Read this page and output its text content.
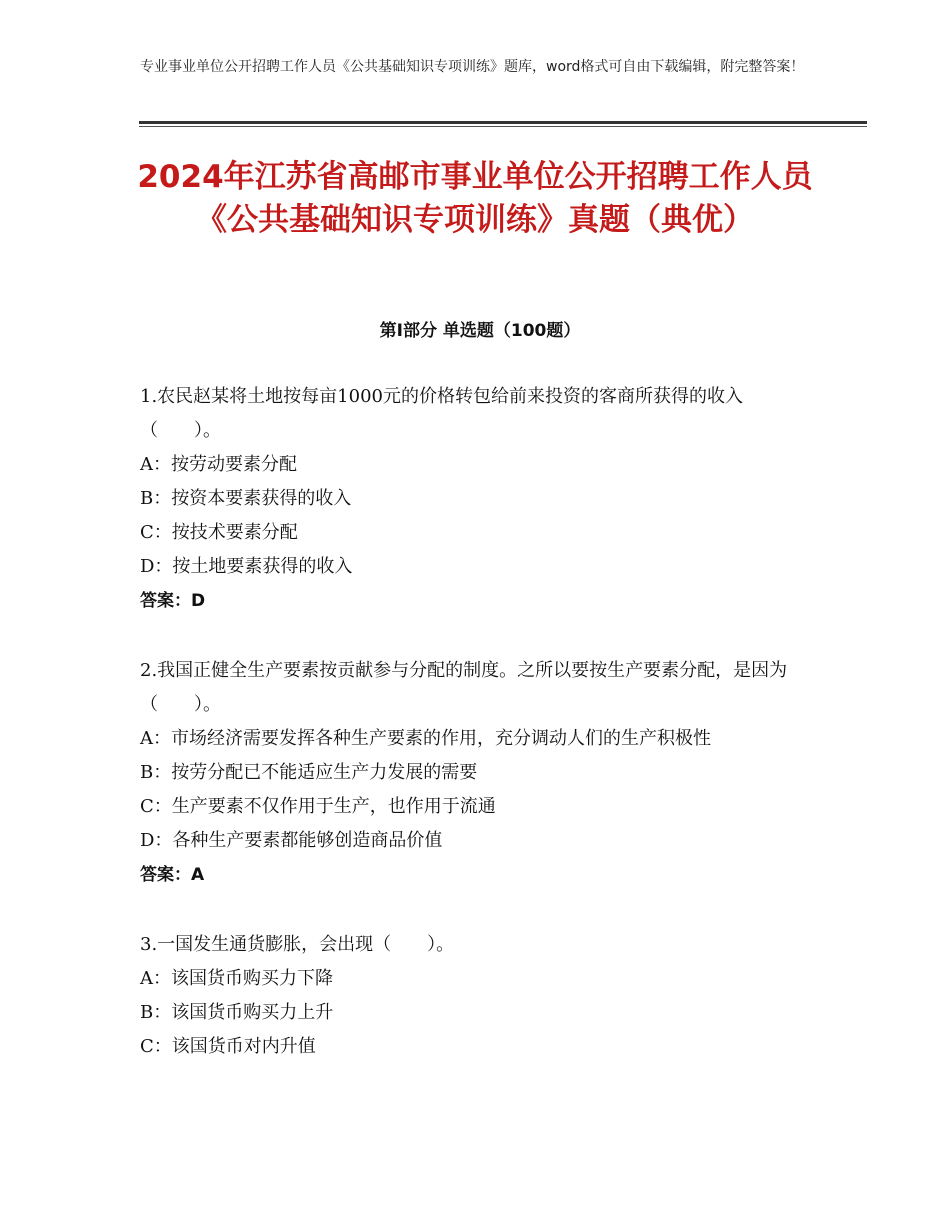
专业事业单位公开招聘工作人员《公共基础知识专项训练》题库，word格式可自由下载编辑，附完整答案！
2024年江苏省高邮市事业单位公开招聘工作人员《公共基础知识专项训练》真题（典优）
第Ⅰ部分 单选题（100题）
1.农民赵某将土地按每亩1000元的价格转包给前来投资的客商所获得的收入（　　）。
A：按劳动要素分配
B：按资本要素获得的收入
C：按技术要素分配
D：按土地要素获得的收入
答案：D
2.我国正健全生产要素按贡献参与分配的制度。之所以要按生产要素分配，是因为（　　）。
A：市场经济需要发挥各种生产要素的作用，充分调动人们的生产积极性
B：按劳分配已不能适应生产力发展的需要
C：生产要素不仅作用于生产，也作用于流通
D：各种生产要素都能够创造商品价值
答案：A
3.一国发生通货膨胀，会出现（　　）。
A：该国货币购买力下降
B：该国货币购买力上升
C：该国货币对内升值
